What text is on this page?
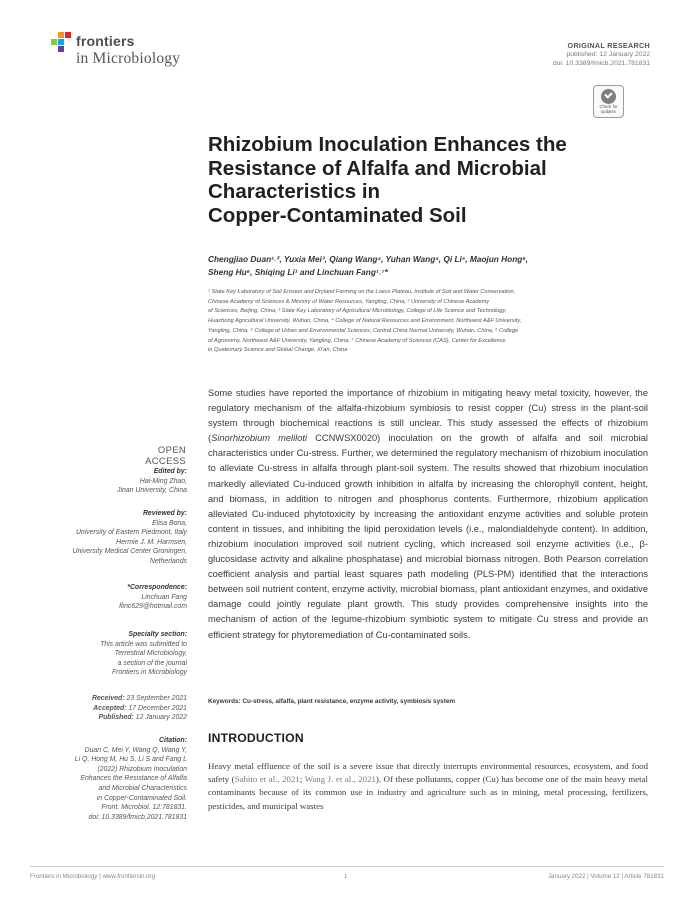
frontiers
in Microbiology
ORIGINAL RESEARCH
published: 12 January 2022
doi: 10.3389/fmicb.2021.781831
Check for updates
Rhizobium Inoculation Enhances the
Resistance of Alfalfa and Microbial
Characteristics in
Copper-Contaminated Soil
Chengjiao Duan¹˒², Yuxia Mei³, Qiang Wang⁴, Yuhan Wang⁴, Qi Li⁵, Maojun Hong⁶,
Sheng Hu⁶, Shiqing Li¹ and Linchuan Fang¹˒⁷*
¹ State Key Laboratory of Soil Erosion and Dryland Farming on the Loess Plateau, Institute of Soil and Water Conservation,
Chinese Academy of Sciences & Ministry of Water Resources, Yangling, China, ² University of Chinese Academy
of Sciences, Beijing, China, ³ State Key Laboratory of Agricultural Microbiology, College of Life Science and Technology,
Huazhong Agricultural University, Wuhan, China, ⁴ College of Natural Resources and Environment, Northwest A&F University,
Yangling, China, ⁵ College of Urban and Environmental Sciences, Central China Normal University, Wuhan, China, ⁶ College
of Agronomy, Northwest A&F University, Yangling, China, ⁷ Chinese Academy of Sciences (CAS), Center for Excellence
in Quaternary Science and Global Change, Xi'an, China
Some studies have reported the importance of rhizobium in mitigating heavy metal toxicity, however, the regulatory mechanism of the alfalfa-rhizobium symbiosis to resist copper (Cu) stress in the plant-soil system through biochemical reactions is still unclear. This study assessed the effects of rhizobium (Sinorhizobium meliloti CCNWSX0020) inoculation on the growth of alfalfa and soil microbial characteristics under Cu-stress. Further, we determined the regulatory mechanism of rhizobium inoculation to alleviate Cu-stress in alfalfa through plant-soil system. The results showed that rhizobium inoculation markedly alleviated Cu-induced growth inhibition in alfalfa by increasing the chlorophyll content, height, and biomass, in addition to nitrogen and phosphorus contents. Furthermore, rhizobium application alleviated Cu-induced phytotoxicity by increasing the antioxidant enzyme activities and soluble protein content in tissues, and inhibiting the lipid peroxidation levels (i.e., malondialdehyde content). In addition, rhizobium inoculation improved soil nutrient cycling, which increased soil enzyme activities (i.e., β-glucosidase activity and alkaline phosphatase) and microbial biomass nitrogen. Both Pearson correlation coefficient analysis and partial least squares path modeling (PLS-PM) identified that the interactions between soil nutrient content, enzyme activity, microbial biomass, plant antioxidant enzymes, and oxidative damage could jointly regulate plant growth. This study provides comprehensive insights into the mechanism of action of the legume-rhizobium symbiotic system to mitigate Cu stress and provide an efficient strategy for phytoremediation of Cu-contaminated soils.
Keywords: Cu-stress, alfalfa, plant resistance, enzyme activity, symbiosis system
INTRODUCTION
Heavy metal effluence of the soil is a severe issue that directly interrupts environmental resources, ecosystem, and food safety (Sahito et al., 2021; Wang J. et al., 2021). Of these pollutants, copper (Cu) has become one of the main heavy metal contaminants because of its common use in industry and agriculture such as in mining, metal processing, fertilizers, pesticides, and municipal wastes
OPEN ACCESS
Edited by:
Hai-Ming Zhao,
Jinan University, China
Reviewed by:
Elisa Bona,
University of Eastern Piedmont, Italy
Hermie J. M. Harmsen,
University Medical Center Groningen,
Netherlands
*Correspondence:
Linchuan Fang
flinc629@hotmail.com
Specialty section:
This article was submitted to
Terrestrial Microbiology,
a section of the journal
Frontiers in Microbiology
Received: 23 September 2021
Accepted: 17 December 2021
Published: 12 January 2022
Citation:
Duan C, Mei Y, Wang Q, Wang Y,
Li Q, Hong M, Hu S, Li S and Fang L
(2022) Rhizobium Inoculation
Enhances the Resistance of Alfalfa
and Microbial Characteristics
in Copper-Contaminated Soil.
Front. Microbiol. 12:781831.
doi: 10.3389/fmicb.2021.781831
Frontiers in Microbiology | www.frontiersin.org	1	January 2022 | Volume 12 | Article 781831
